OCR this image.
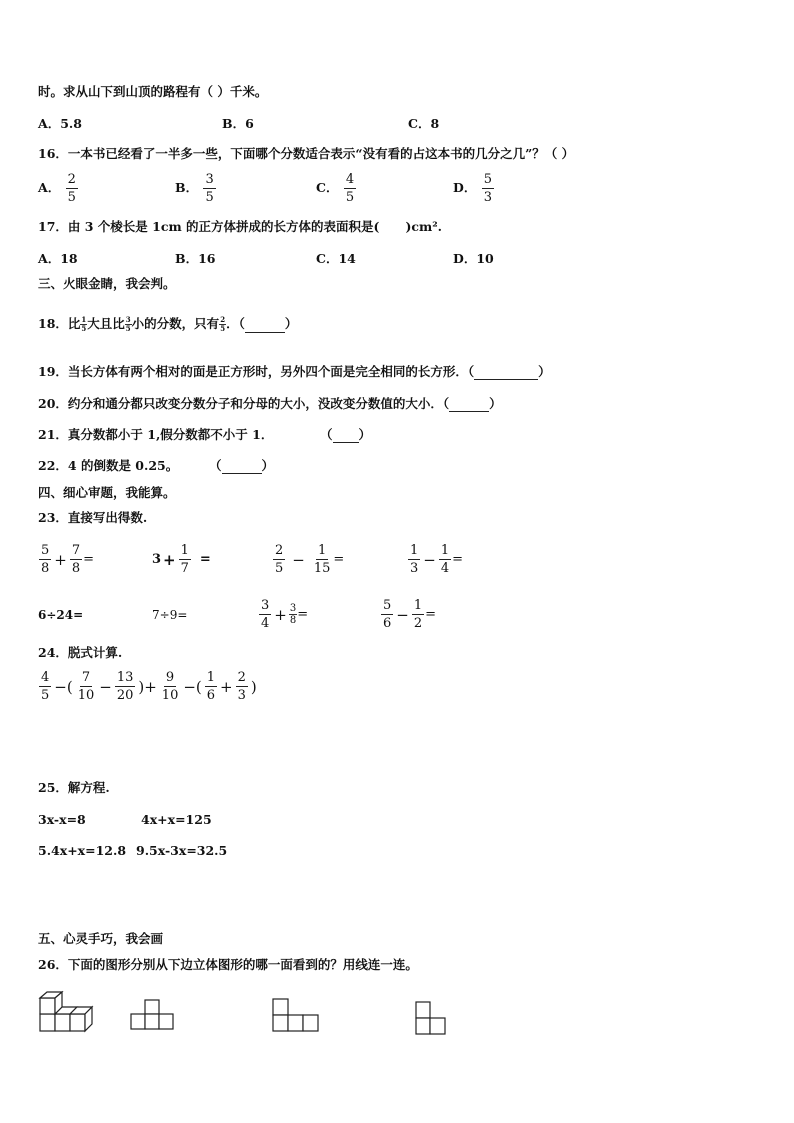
时。求从山下到山顶的路程有（ ）千米。
A．5.8	B．6	C．8
16．一本书已经看了一半多一些，下面哪个分数适合表示“没有看的占这本书的几分之几”？（ ）
A． $\frac{2}{5}$	B． $\frac{3}{5}$	C． $\frac{4}{5}$	D． $\frac{5}{3}$
17．由 3 个棱长是 1cm 的正方体拼成的长方体的表面积是( )cm².
A．18	B．16	C．14	D．10
三、火眼金睛，我会判。
18．比 $\frac{1}{5}$ 大且比 $\frac{3}{5}$ 小的分数，只有 $\frac{2}{5}$ ．（	）
19．当长方体有两个相对的面是正方形时，另外四个面是完全相同的长方形．（	）
20．约分和通分都只改变分数分子和分母的大小，没改变分数值的大小．（	）
21．真分数都小于 1,假分数都不小于 1．	（ ）
22．4 的倒数是 0.25。 （	）
四、细心审题，我能算。
23．直接写出得数.
$\frac{5}{8} + \frac{7}{8}$ =	$3 + \frac{1}{7}$ =	$\frac{2}{5} - \frac{1}{15}$ =	$\frac{1}{3} - \frac{1}{4}$ =
6÷24=	7÷9=	$\frac{3}{4} + \frac{3}{8}$ =	$\frac{5}{6} - \frac{1}{2}$ =
24．脱式计算.
$\frac{4}{5}$ −( $\frac{7}{10} - \frac{13}{20}$ )+ $\frac{9}{10}$ −( $\frac{1}{6} + \frac{2}{3}$ )
25．解方程.
3x-x=8	4x+x=125
5.4x+x=12.8 9.5x-3x=32.5
五、心灵手巧，我会画
26．下面的图形分别从下边立体图形的哪一面看到的？用线连一连。
